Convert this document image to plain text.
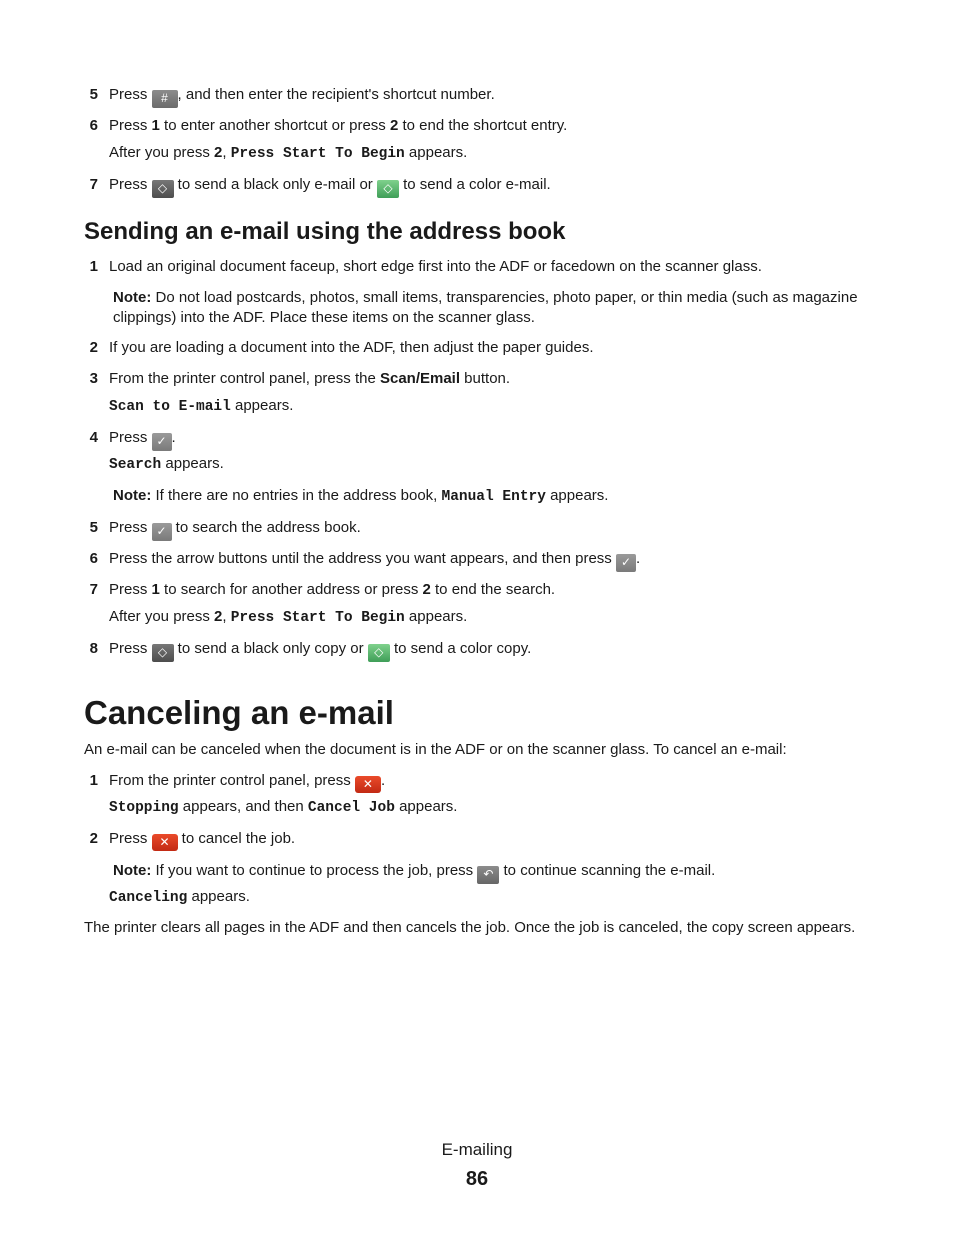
5 Press # , and then enter the recipient's shortcut number.
6 Press 1 to enter another shortcut or press 2 to end the shortcut entry.
After you press 2, Press Start To Begin appears.
7 Press ◇ to send a black only e-mail or ◇ to send a color e-mail.
Sending an e-mail using the address book
1 Load an original document faceup, short edge first into the ADF or facedown on the scanner glass.
Note: Do not load postcards, photos, small items, transparencies, photo paper, or thin media (such as magazine clippings) into the ADF. Place these items on the scanner glass.
2 If you are loading a document into the ADF, then adjust the paper guides.
3 From the printer control panel, press the Scan/Email button.
Scan to E-mail appears.
4 Press ✓ .
Search appears.
Note: If there are no entries in the address book, Manual Entry appears.
5 Press ✓ to search the address book.
6 Press the arrow buttons until the address you want appears, and then press ✓ .
7 Press 1 to search for another address or press 2 to end the search.
After you press 2, Press Start To Begin appears.
8 Press ◇ to send a black only copy or ◇ to send a color copy.
Canceling an e-mail
An e-mail can be canceled when the document is in the ADF or on the scanner glass. To cancel an e-mail:
1 From the printer control panel, press ✕ .
Stopping appears, and then Cancel Job appears.
2 Press ✕ to cancel the job.
Note: If you want to continue to process the job, press ↶ to continue scanning the e-mail.
Canceling appears.
The printer clears all pages in the ADF and then cancels the job. Once the job is canceled, the copy screen appears.
E-mailing
86
